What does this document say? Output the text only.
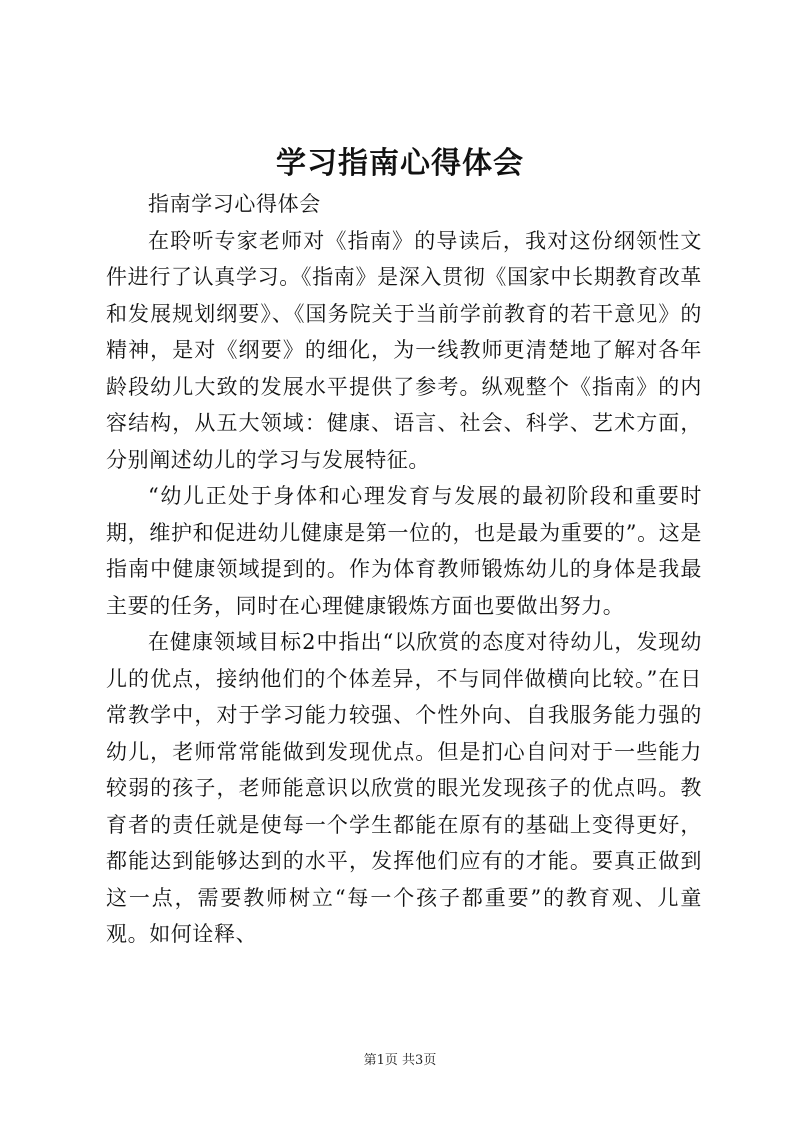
学习指南心得体会

指南学习心得体会

在聆听专家老师对《指南》的导读后，我对这份纲领性文件进行了认真学习。《指南》是深入贯彻《国家中长期教育改革和发展规划纲要》、《国务院关于当前学前教育的若干意见》的精神，是对《纲要》的细化，为一线教师更清楚地了解对各年龄段幼儿大致的发展水平提供了参考。纵观整个《指南》的内容结构，从五大领域：健康、语言、社会、科学、艺术方面，分别阐述幼儿的学习与发展特征。

“幼儿正处于身体和心理发育与发展的最初阶段和重要时期，维护和促进幼儿健康是第一位的，也是最为重要的”。这是指南中健康领域提到的。作为体育教师锻炼幼儿的身体是我最主要的任务，同时在心理健康锻炼方面也要做出努力。

在健康领域目标2中指出“以欣赏的态度对待幼儿，发现幼儿的优点，接纳他们的个体差异，不与同伴做横向比较。”在日常教学中，对于学习能力较强、个性外向、自我服务能力强的幼儿，老师常常能做到发现优点。但是扪心自问对于一些能力较弱的孩子，老师能意识以欣赏的眼光发现孩子的优点吗。教育者的责任就是使每一个学生都能在原有的基础上变得更好，都能达到能够达到的水平，发挥他们应有的才能。要真正做到这一点，需要教师树立“每一个孩子都重要”的教育观、儿童观。如何诠释、

第1页 共3页
